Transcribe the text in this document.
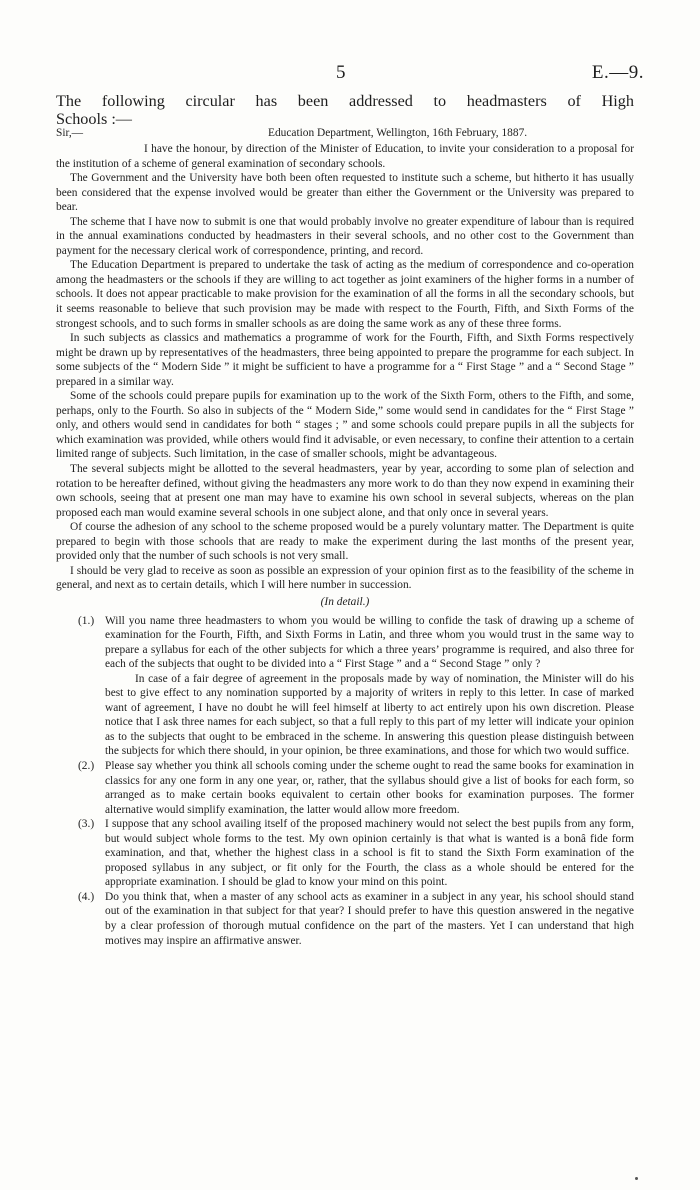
5	E.—9.

The following circular has been addressed to headmasters of High

Schools :—

Sir,—	Education Department, Wellington, 16th February, 1887.

I have the honour, by direction of the Minister of Education, to invite your consideration to a proposal for the institution of a scheme of general examination of secondary schools.

The Government and the University have both been often requested to institute such a scheme, but hitherto it has usually been considered that the expense involved would be greater than either the Government or the University was prepared to bear.

The scheme that I have now to submit is one that would probably involve no greater expenditure of labour than is required in the annual examinations conducted by headmasters in their several schools, and no other cost to the Government than payment for the necessary clerical work of correspondence, printing, and record.

The Education Department is prepared to undertake the task of acting as the medium of correspondence and co-operation among the headmasters or the schools if they are willing to act together as joint examiners of the higher forms in a number of schools. It does not appear practicable to make provision for the examination of all the forms in all the secondary schools, but it seems reasonable to believe that such provision may be made with respect to the Fourth, Fifth, and Sixth Forms of the strongest schools, and to such forms in smaller schools as are doing the same work as any of these three forms.

In such subjects as classics and mathematics a programme of work for the Fourth, Fifth, and Sixth Forms respectively might be drawn up by representatives of the headmasters, three being appointed to prepare the programme for each subject. In some subjects of the “ Modern Side ” it might be sufficient to have a programme for a “ First Stage ” and a “ Second Stage ” prepared in a similar way.

Some of the schools could prepare pupils for examination up to the work of the Sixth Form, others to the Fifth, and some, perhaps, only to the Fourth. So also in subjects of the “ Modern Side,” some would send in candidates for the “ First Stage ” only, and others would send in candidates for both “ stages ; ” and some schools could prepare pupils in all the subjects for which examination was provided, while others would find it advisable, or even necessary, to confine their attention to a certain limited range of subjects. Such limitation, in the case of smaller schools, might be advantageous.

The several subjects might be allotted to the several headmasters, year by year, according to some plan of selection and rotation to be hereafter defined, without giving the headmasters any more work to do than they now expend in examining their own schools, seeing that at present one man may have to examine his own school in several subjects, whereas on the plan proposed each man would examine several schools in one subject alone, and that only once in several years.

Of course the adhesion of any school to the scheme proposed would be a purely voluntary matter. The Department is quite prepared to begin with those schools that are ready to make the experiment during the last months of the present year, provided only that the number of such schools is not very small.

I should be very glad to receive as soon as possible an expression of your opinion first as to the feasibility of the scheme in general, and next as to certain details, which I will here number in succession.

(In detail.)
(1.) Will you name three headmasters to whom you would be willing to confide the task of drawing up a scheme of examination for the Fourth, Fifth, and Sixth Forms in Latin, and three whom you would trust in the same way to prepare a syllabus for each of the other subjects for which a three years’ programme is required, and also three for each of the subjects that ought to be divided into a “ First Stage ” and a “ Second Stage ” only ?

In case of a fair degree of agreement in the proposals made by way of nomination, the Minister will do his best to give effect to any nomination supported by a majority of writers in reply to this letter. In case of marked want of agreement, I have no doubt he will feel himself at liberty to act entirely upon his own discretion. Please notice that I ask three names for each subject, so that a full reply to this part of my letter will indicate your opinion as to the subjects that ought to be embraced in the scheme. In answering this question please distinguish between the subjects for which there should, in your opinion, be three examinations, and those for which two would suffice.

(2.) Please say whether you think all schools coming under the scheme ought to read the same books for examination in classics for any one form in any one year, or, rather, that the syllabus should give a list of books for each form, so arranged as to make certain books equivalent to certain other books for examination purposes. The former alternative would simplify examination, the latter would allow more freedom.

(3.) I suppose that any school availing itself of the proposed machinery would not select the best pupils from any form, but would subject whole forms to the test. My own opinion certainly is that what is wanted is a bonâ fide form examination, and that, whether the highest class in a school is fit to stand the Sixth Form examination of the proposed syllabus in any subject, or fit only for the Fourth, the class as a whole should be entered for the appropriate examination. I should be glad to know your mind on this point.

(4.) Do you think that, when a master of any school acts as examiner in a subject in any year, his school should stand out of the examination in that subject for that year? I should prefer to have this question answered in the negative by a clear profession of thorough mutual confidence on the part of the masters. Yet I can understand that high motives may inspire an affirmative answer.
